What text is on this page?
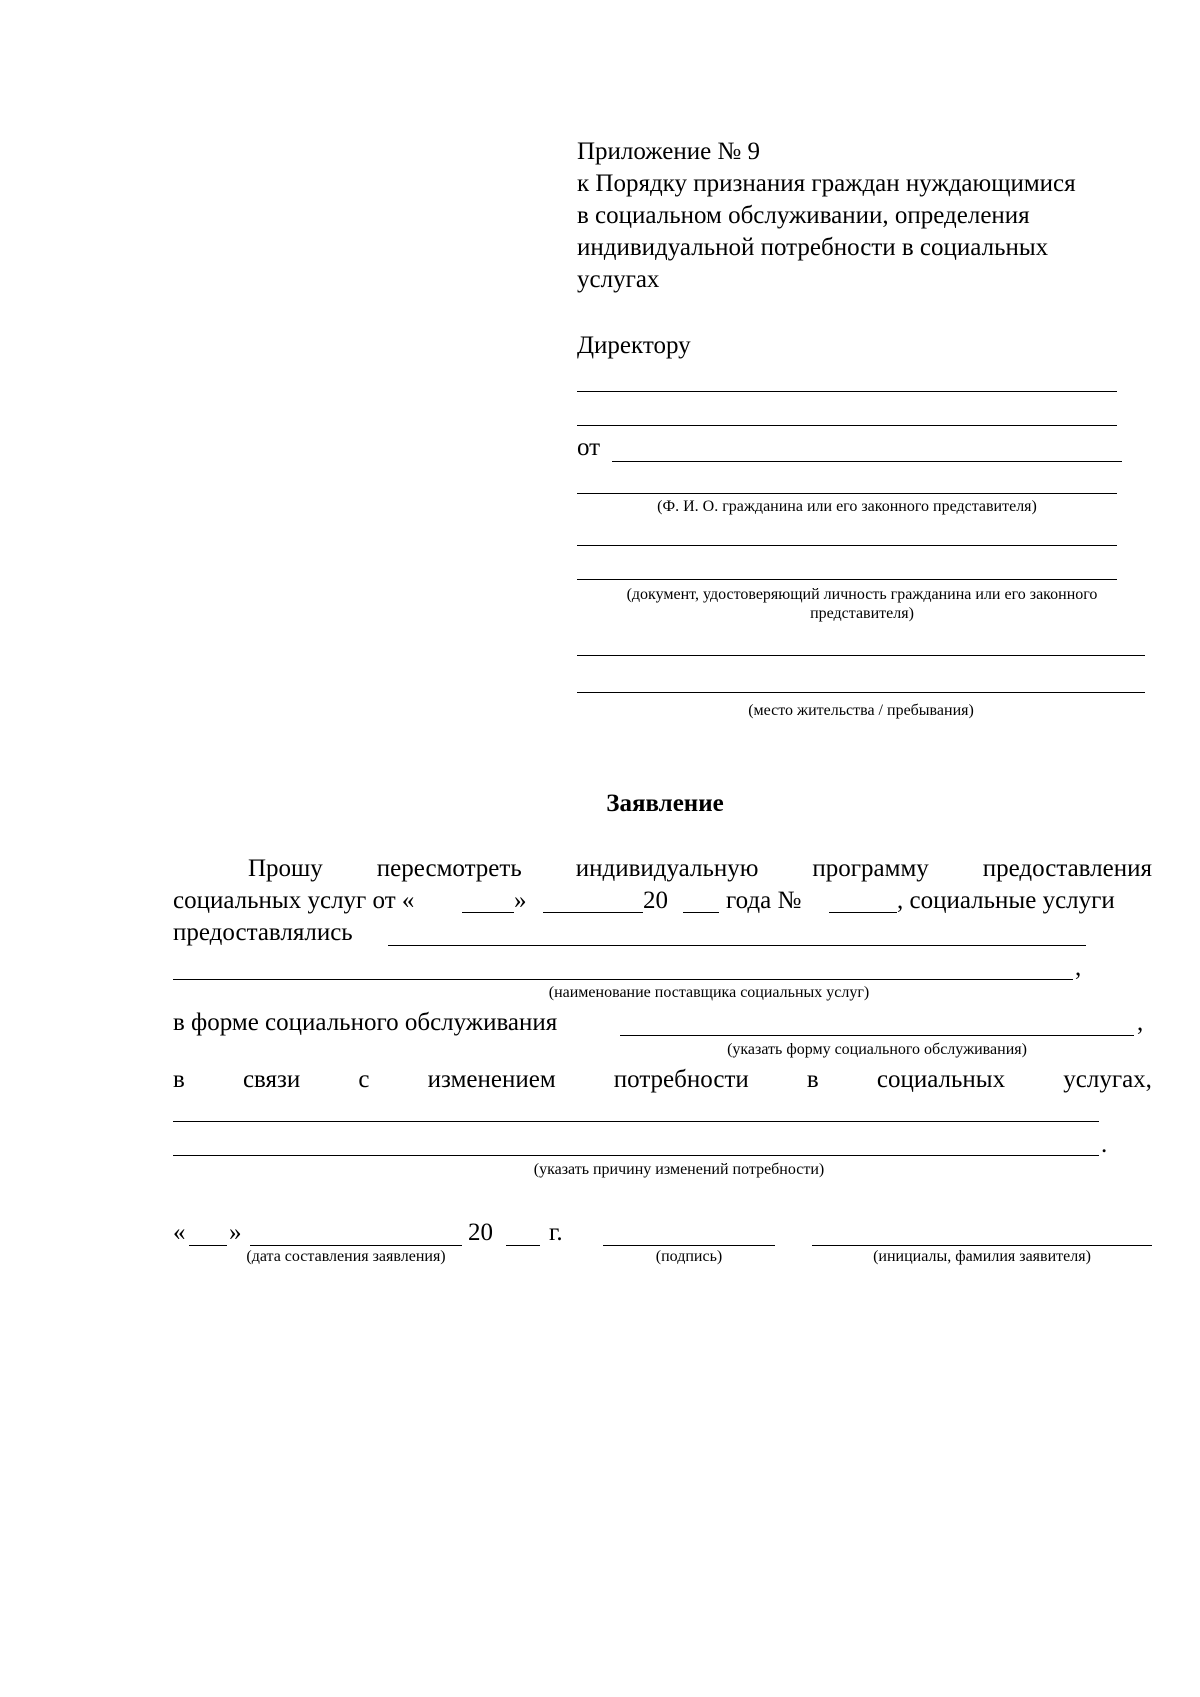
Приложение № 9
к Порядку признания граждан нуждающимися
в социальном обслуживании, определения
индивидуальной потребности в социальных
услугах
Директору
от
(Ф. И. О. гражданина или его законного представителя)
(документ, удостоверяющий личность гражданина или его законного
представителя)
(место жительства / пребывания)
Заявление
Прошу пересмотреть индивидуальную программу предоставления
социальных услуг от «	»	20 года №	, социальные услуги
предоставлялись
,
(наименование поставщика социальных услуг)
в форме социального обслуживания	,
(указать форму социального обслуживания)
в связи с изменением потребности в социальных услугах,
.
(указать причину изменений потребности)
« »	20 г.
(дата составления заявления)	(подпись)	(инициалы, фамилия заявителя)
